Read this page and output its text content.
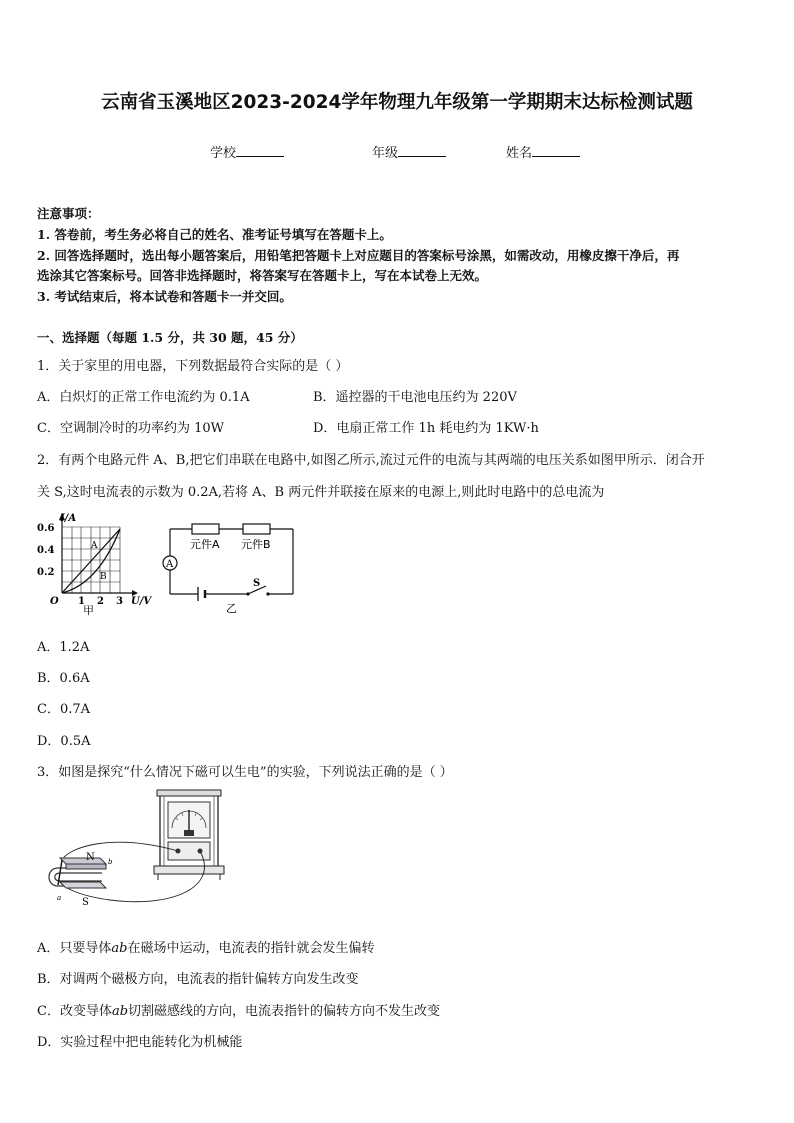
云南省玉溪地区2023-2024学年物理九年级第一学期期末达标检测试题
学校	年级	姓名
注意事项：
1. 答卷前，考生务必将自己的姓名、准考证号填写在答题卡上。
2. 回答选择题时，选出每小题答案后，用铅笔把答题卡上对应题目的答案标号涂黑，如需改动，用橡皮擦干净后，再
选涂其它答案标号。回答非选择题时，将答案写在答题卡上，写在本试卷上无效。
3. 考试结束后，将本试卷和答题卡一并交回。
一、选择题（每题 1.5 分，共 30 题，45 分）
1．关于家里的用电器，下列数据最符合实际的是（ ）
A．白炽灯的正常工作电流约为 0.1A	B．遥控器的干电池电压约为 220V
C．空调制冷时的功率约为 10W	D．电扇正常工作 1h 耗电约为 1KW·h
2．有两个电路元件 A、B,把它们串联在电路中,如图乙所示,流过元件的电流与其两端的电压关系如图甲所示．闭合开
关 S,这时电流表的示数为 0.2A,若将 A、B 两元件并联接在原来的电源上,则此时电路中的总电流为
I/A
0.6
0.4
0.2
O 1 2 3 U/V
A
B
甲
元件A 元件B
A
S
乙
A．1.2A
B．0.6A
C．0.7A
D．0.5A
3．如图是探究“什么情况下磁可以生电”的实验，下列说法正确的是（ ）
N
S
b
a
A．只要导体ab在磁场中运动，电流表的指针就会发生偏转
B．对调两个磁极方向，电流表的指针偏转方向发生改变
C．改变导体ab切割磁感线的方向，电流表指针的偏转方向不发生改变
D．实验过程中把电能转化为机械能
